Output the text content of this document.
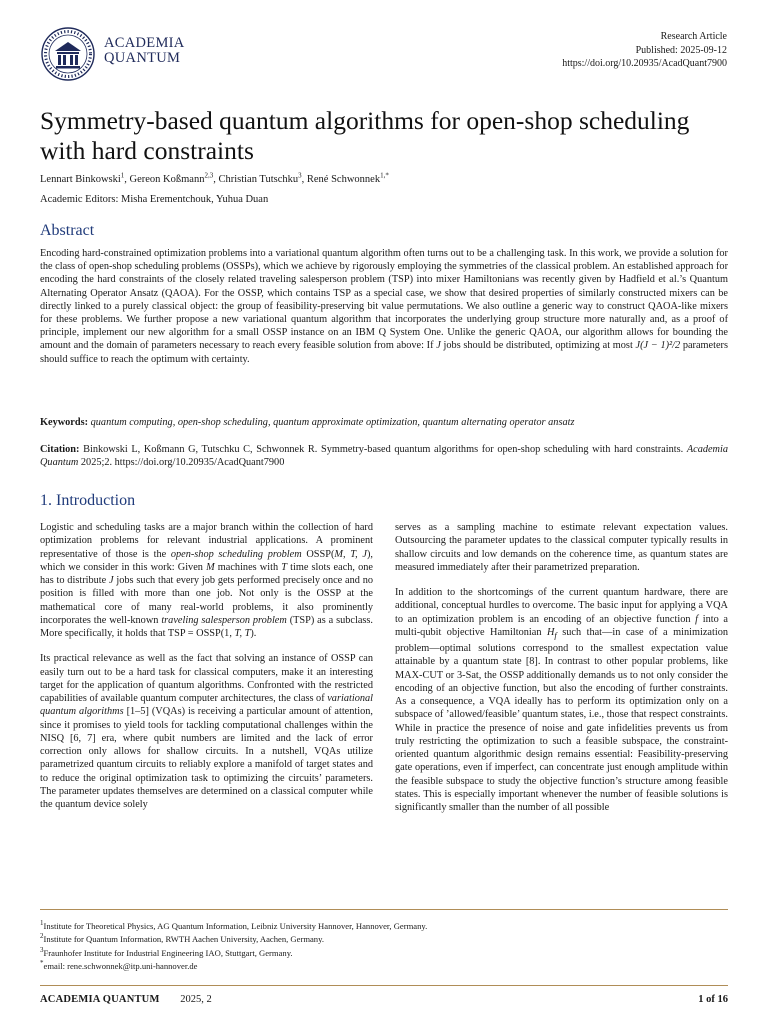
ACADEMIA
QUANTUM
Research Article
Published: 2025-09-12
https://doi.org/10.20935/AcadQuant7900
Symmetry-based quantum algorithms for open-shop scheduling with hard constraints
Lennart Binkowski$^1$, Gereon Koßmann$^{2,3}$, Christian Tutschku$^3$, René Schwonnek$^{1,*}$
Academic Editors: Misha Erementchouk, Yuhua Duan
Abstract

Encoding hard-constrained optimization problems into a variational quantum algorithm often turns out to be a challenging task. In this work, we provide a solution for the class of open-shop scheduling problems (OSSPs), which we achieve by rigorously employing the symmetries of the classical problem. An established approach for encoding the hard constraints of the closely related traveling salesperson problem (TSP) into mixer Hamiltonians was recently given by Hadfield et al.’s Quantum Alternating Operator Ansatz (QAOA). For the OSSP, which contains TSP as a special case, we show that desired properties of similarly constructed mixers can be directly linked to a purely classical object: the group of feasibility-preserving bit value permutations. We also outline a generic way to construct QAOA-like mixers for these problems. We further propose a new variational quantum algorithm that incorporates the underlying group structure more naturally and, as a proof of principle, implement our new algorithm for a small OSSP instance on an IBM Q System One. Unlike the generic QAOA, our algorithm allows for bounding the amount and the domain of parameters necessary to reach every feasible solution from above: If J jobs should be distributed, optimizing at most J(J − 1)²/2 parameters should suffice to reach the optimum with certainty.

Keywords: quantum computing, open-shop scheduling, quantum approximate optimization, quantum alternating operator ansatz

Citation: Binkowski L, Koßmann G, Tutschku C, Schwonnek R. Symmetry-based quantum algorithms for open-shop scheduling with hard constraints. Academia Quantum 2025;2. https://doi.org/10.20935/AcadQuant7900

1. Introduction

Logistic and scheduling tasks are a major branch within the collection of hard optimization problems for relevant industrial applications. A prominent representative of those is the open-shop scheduling problem OSSP(M, T, J), which we consider in this work: Given M machines with T time slots each, one has to distribute J jobs such that every job gets performed precisely once and no position is filled with more than one job. Not only is the OSSP at the mathematical core of many real-world problems, it also prominently incorporates the well-known traveling salesperson problem (TSP) as a subclass. More specifically, it holds that TSP = OSSP(1, T, T).

Its practical relevance as well as the fact that solving an instance of OSSP can easily turn out to be a hard task for classical computers, make it an interesting target for the application of quantum algorithms. Confronted with the restricted capabilities of available quantum computer architectures, the class of variational quantum algorithms [1–5] (VQAs) is receiving a particular amount of attention, since it promises to yield tools for tackling computational challenges within the NISQ [6, 7] era, where qubit numbers are limited and the lack of error correction only allows for shallow circuits. In a nutshell, VQAs utilize parametrized quantum circuits to reliably explore a manifold of target states and to reduce the original optimization task to optimizing the circuits’ parameters. The parameter updates themselves are determined on a classical computer while the quantum device solely

serves as a sampling machine to estimate relevant expectation values. Outsourcing the parameter updates to the classical computer typically results in shallow circuits and low demands on the coherence time, as quantum states are measured immediately after their parametrized preparation.

In addition to the shortcomings of the current quantum hardware, there are additional, conceptual hurdles to overcome. The basic input for applying a VQA to an optimization problem is an encoding of an objective function f into a multi-qubit objective Hamiltonian $H_f$ such that—in case of a minimization problem—optimal solutions correspond to the smallest expectation value attainable by a quantum state [8]. In contrast to other popular problems, like MAX-CUT or 3-Sat, the OSSP additionally demands us to not only consider the encoding of an objective function, but also the encoding of further constraints. As a consequence, a VQA ideally has to perform its optimization only on a subspace of ’allowed/feasible’ quantum states, i.e., those that respect constraints. While in practice the presence of noise and gate infidelities prevents us from truly restricting the optimization to such a feasible subspace, the constraint-oriented quantum algorithmic design remains essential: Feasibility-preserving gate operations, even if imperfect, can concentrate just enough amplitude within the feasible subspace to study the objective function’s structure among feasible states. This is especially important whenever the number of feasible solutions is significantly smaller than the number of all possible

$^1$Institute for Theoretical Physics, AG Quantum Information, Leibniz University Hannover, Hannover, Germany.
$^2$Institute for Quantum Information, RWTH Aachen University, Aachen, Germany.
$^3$Fraunhofer Institute for Industrial Engineering IAO, Stuttgart, Germany.
*email: rene.schwonnek@itp.uni-hannover.de
ACADEMIA QUANTUM 2025, 2	1 of 16
